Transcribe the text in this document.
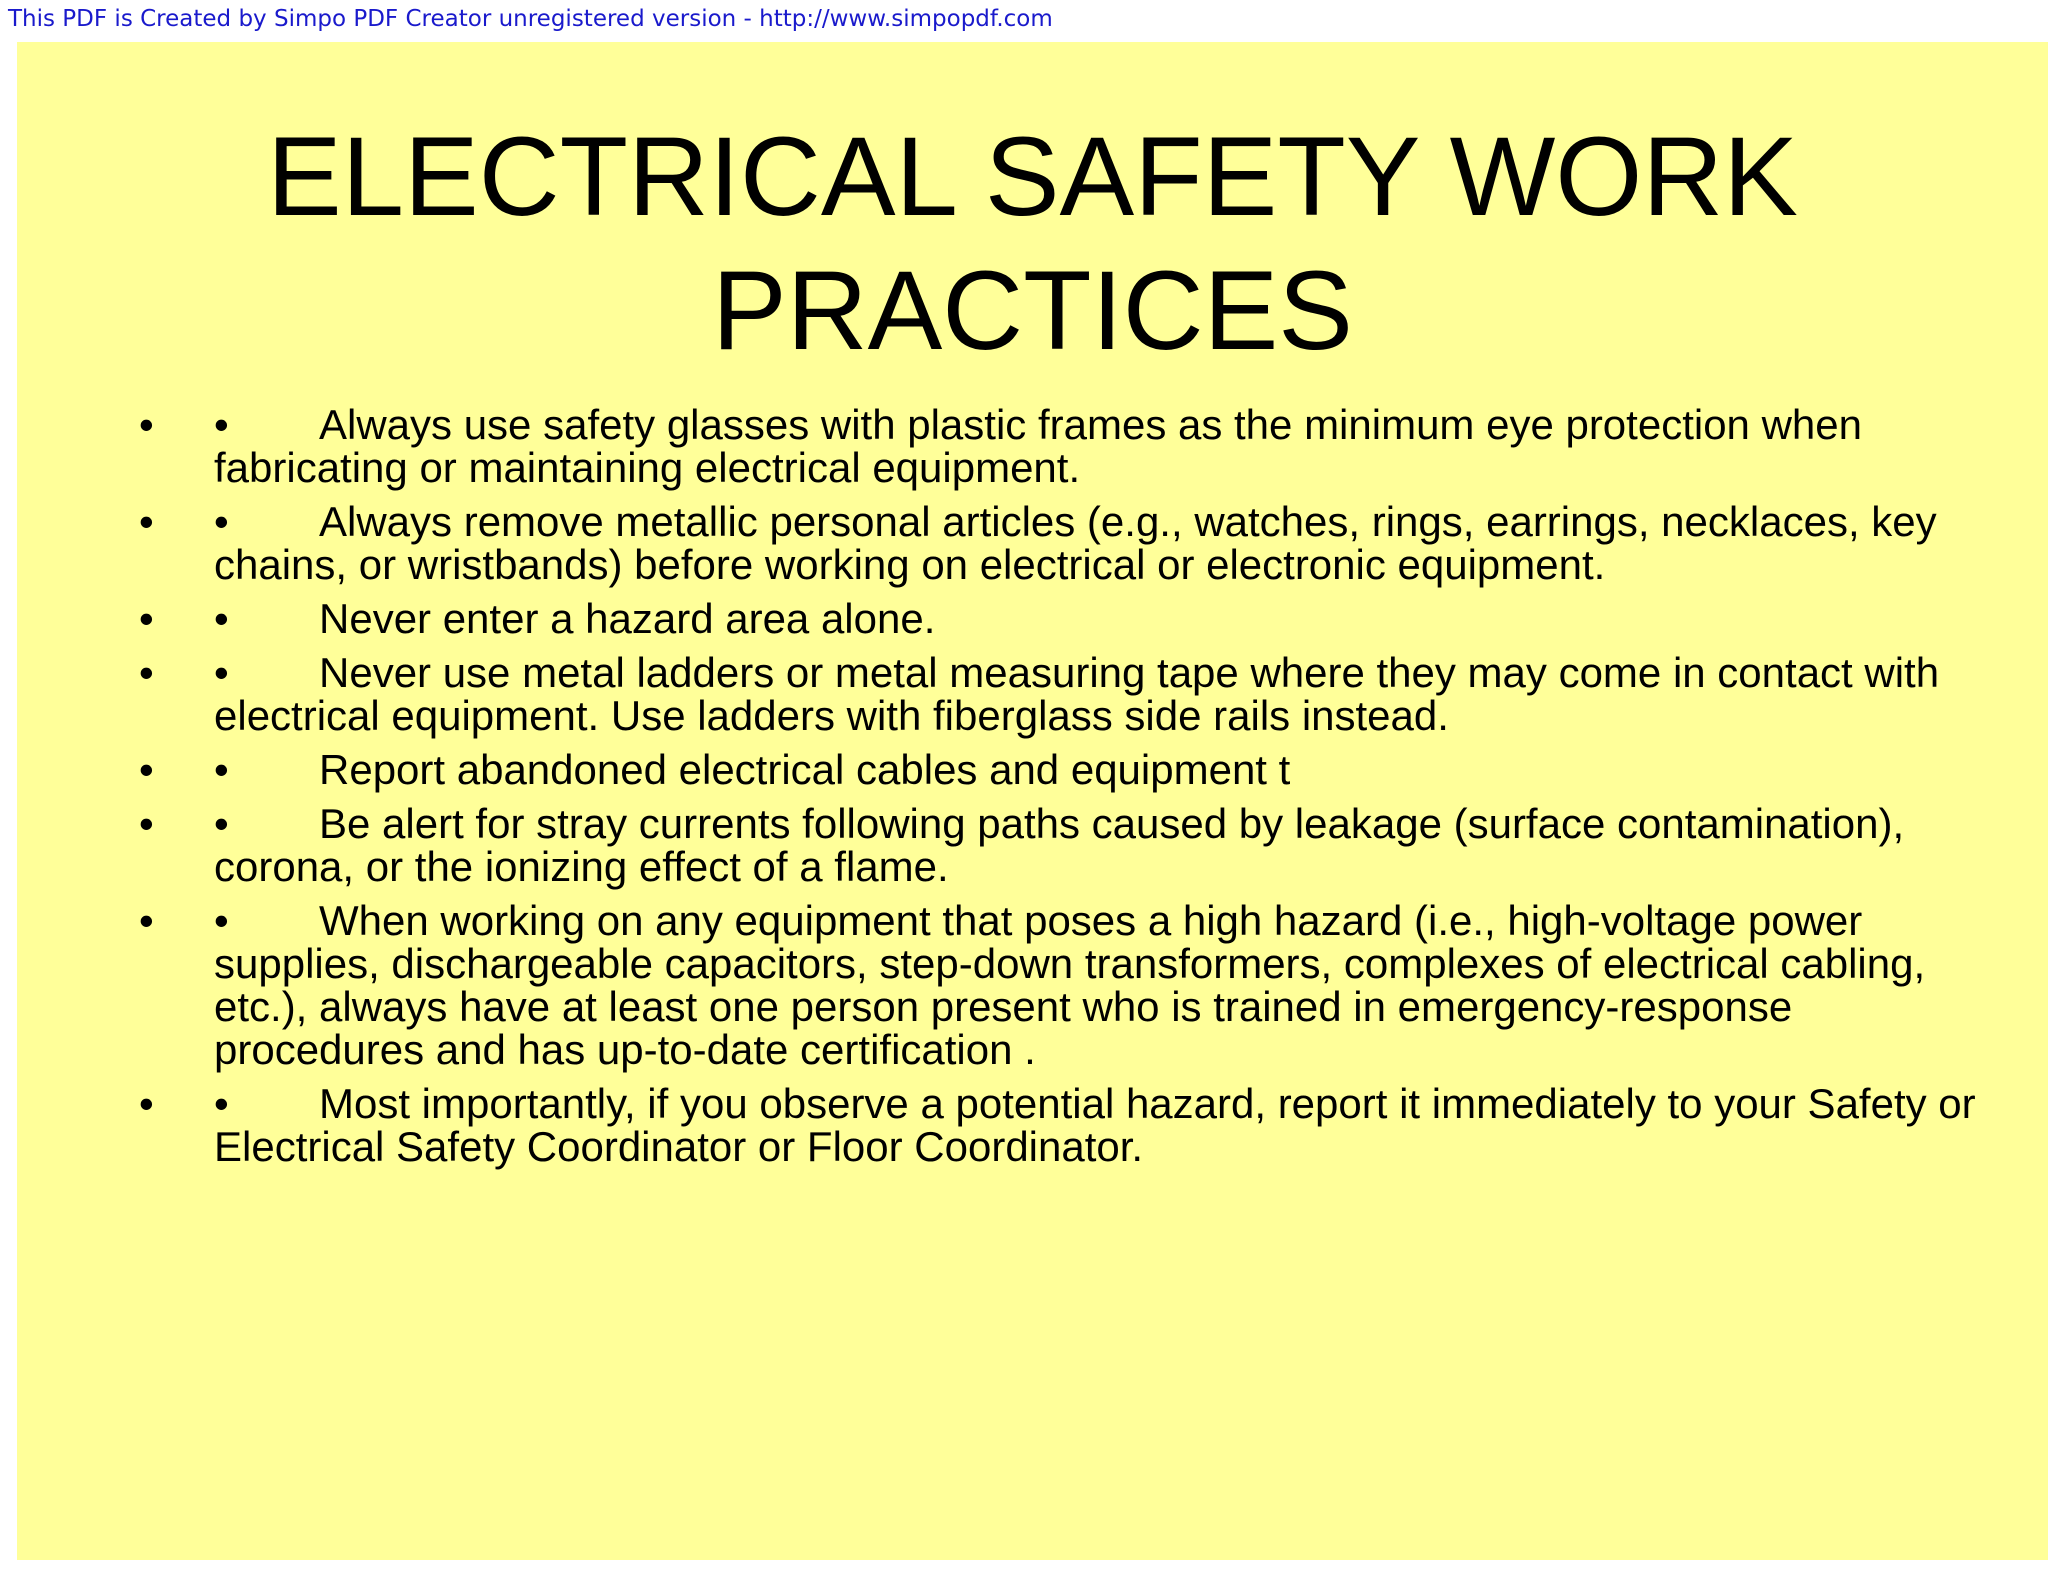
This PDF is Created by Simpo PDF Creator unregistered version - http://www.simpopdf.com
ELECTRICAL SAFETY WORK PRACTICES
• • Always use safety glasses with plastic frames as the minimum eye protection when fabricating or maintaining electrical equipment.
• • Always remove metallic personal articles (e.g., watches, rings, earrings, necklaces, key chains, or wristbands) before working on electrical or electronic equipment.
• • Never enter a hazard area alone.
• • Never use metal ladders or metal measuring tape where they may come in contact with electrical equipment. Use ladders with fiberglass side rails instead.
• • Report abandoned electrical cables and equipment t
• • Be alert for stray currents following paths caused by leakage (surface contamination), corona, or the ionizing effect of a flame.
• • When working on any equipment that poses a high hazard (i.e., high-voltage power supplies, dischargeable capacitors, step-down transformers, complexes of electrical cabling, etc.), always have at least one person present who is trained in emergency-response procedures and has up-to-date certification .
• • Most importantly, if you observe a potential hazard, report it immediately to your Safety or Electrical Safety Coordinator or Floor Coordinator.
